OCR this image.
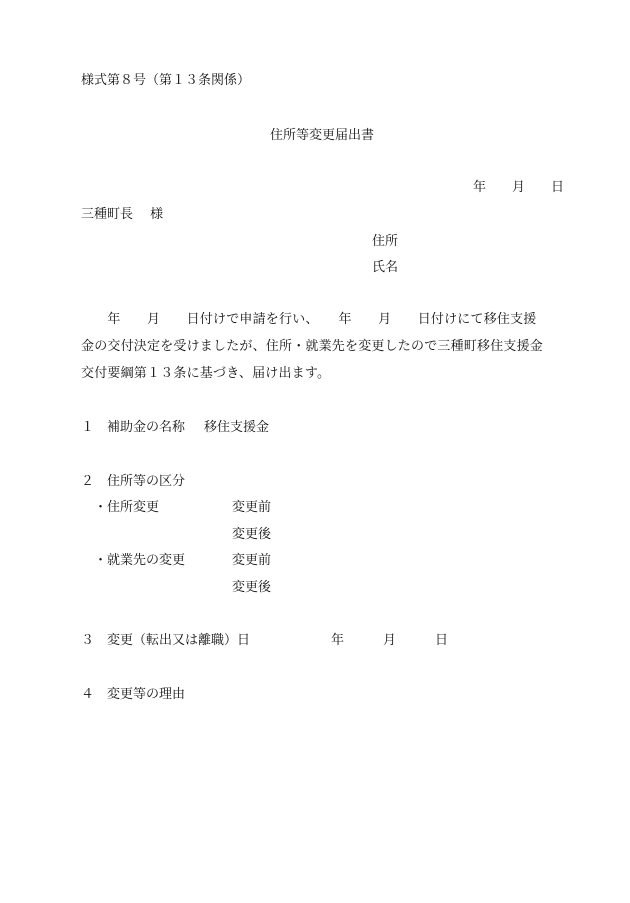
様式第８号（第１３条関係）
住所等変更届出書
年　　月　　日
三種町長　 様
住所
氏名
　　年　　月　　日付けで申請を行い、　　年　　月　　日付けにて移住支援
金の交付決定を受けましたが、住所・就業先を変更したので三種町移住支援金
交付要綱第１３条に基づき、届け出ます。
１ 補助金の名称 移住支援金
２ 住所等の区分
・住所変更	変更前
変更後
・就業先の変更	変更前
変更後
３ 変更（転出又は離職）日	年　　　月　　　日
４ 変更等の理由
